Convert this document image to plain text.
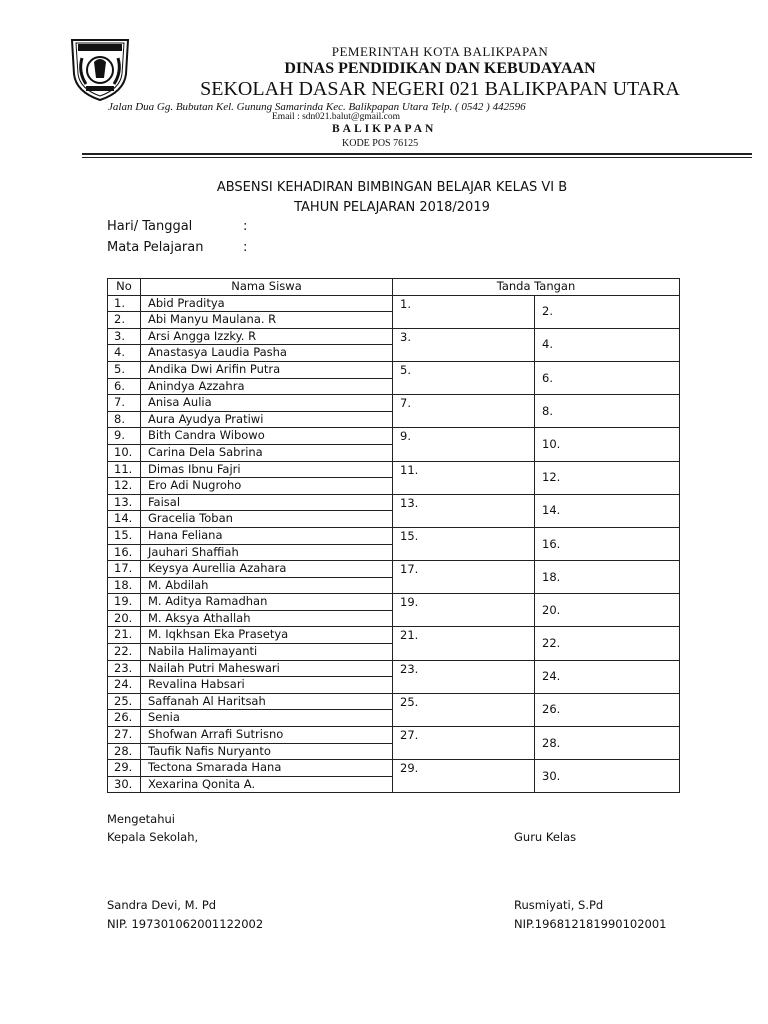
PEMERINTAH KOTA BALIKPAPAN
DINAS PENDIDIKAN DAN KEBUDAYAAN
SEKOLAH DASAR NEGERI 021 BALIKPAPAN UTARA
Jalan Dua Gg. Bubutan Kel. Gunung Samarinda Kec. Balikpapan Utara Telp. ( 0542 ) 442596
Email : sdn021.balut@gmail.com
BALIKPAPAN
KODE POS 76125
ABSENSI KEHADIRAN BIMBINGAN BELAJAR KELAS VI B
TAHUN PELAJARAN 2018/2019
Hari/ Tanggal	:
Mata Pelajaran	:
No	Nama Siswa	Tanda Tangan	
1.	Abid Praditya	1.	2.
2.	Abi Manyu Maulana. R		
3.	Arsi Angga Izzky. R	3.	4.
4.	Anastasya Laudia Pasha		
5.	Andika Dwi Arifin Putra	5.	6.
6.	Anindya Azzahra		
7.	Anisa Aulia	7.	8.
8.	Aura Ayudya Pratiwi		
9.	Bith Candra Wibowo	9.	10.
10.	Carina Dela Sabrina		
11.	Dimas Ibnu Fajri	11.	12.
12.	Ero Adi Nugroho		
13.	Faisal	13.	14.
14.	Gracelia Toban		
15.	Hana Feliana	15.	16.
16.	Jauhari Shaffiah		
17.	Keysya Aurellia Azahara	17.	18.
18.	M. Abdilah		
19.	M. Aditya Ramadhan	19.	20.
20.	M. Aksya Athallah		
21.	M. Iqkhsan Eka Prasetya	21.	22.
22.	Nabila Halimayanti		
23.	Nailah Putri Maheswari	23.	24.
24.	Revalina Habsari		
25.	Saffanah Al Haritsah	25.	26.
26.	Senia		
27.	Shofwan Arrafi Sutrisno	27.	28.
28.	Taufik Nafis Nuryanto		
29.	Tectona Smarada Hana	29.	30.
30.	Xexarina Qonita A.		
Mengetahui
Kepala Sekolah,	Guru Kelas
Sandra Devi, M. Pd
NIP. 197301062001122002
Rusmiyati, S.Pd
NIP.196812181990102001
